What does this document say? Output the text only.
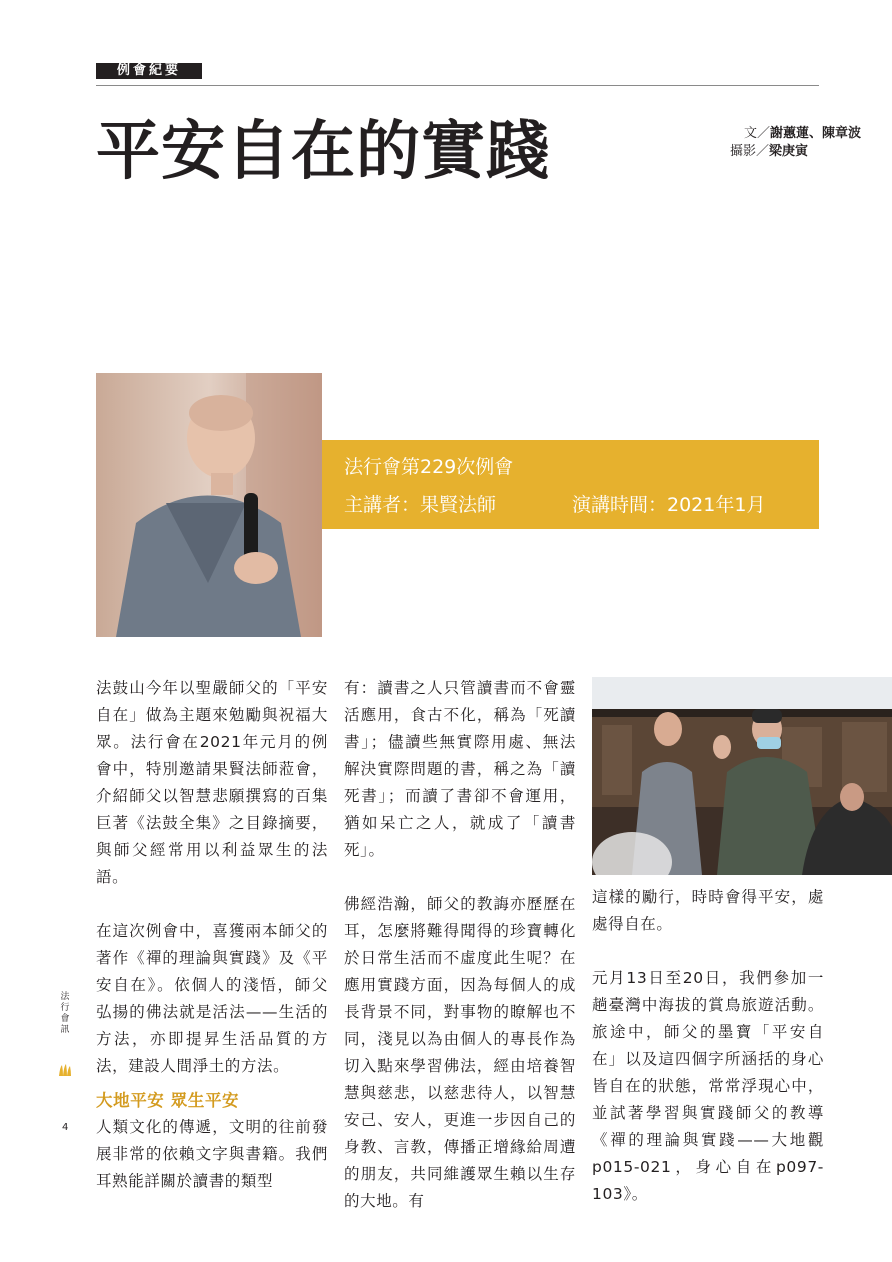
例會紀要
平安自在的實踐	文／謝蕙蓮、陳章波
攝影／梁庚寅
法行會第229次例會
主講者：果賢法師	演講時間：2021年1月

法鼓山今年以聖嚴師父的「平安自在」做為主題來勉勵與祝福大眾。法行會在2021年元月的例會中，特別邀請果賢法師蒞會，介紹師父以智慧悲願撰寫的百集巨著《法鼓全集》之目錄摘要，與師父經常用以利益眾生的法語。

在這次例會中，喜獲兩本師父的著作《禪的理論與實踐》及《平安自在》。依個人的淺悟，師父弘揚的佛法就是活法——生活的方法，亦即提昇生活品質的方法，建設人間淨土的方法。

大地平安 眾生平安

人類文化的傳遞，文明的往前發展非常的依賴文字與書籍。我們耳熟能詳關於讀書的類型

有：讀書之人只管讀書而不會靈活應用，食古不化，稱為「死讀書」；儘讀些無實際用處、無法解決實際問題的書，稱之為「讀死書」；而讀了書卻不會運用，猶如呆亡之人，就成了「讀書死」。

佛經浩瀚，師父的教誨亦歷歷在耳，怎麼將難得聞得的珍寶轉化於日常生活而不虛度此生呢？在應用實踐方面，因為每個人的成長背景不同，對事物的瞭解也不同，淺見以為由個人的專長作為切入點來學習佛法，經由培養智慧與慈悲，以慈悲待人，以智慧安己、安人，更進一步因自己的身教、言教，傳播正增緣給周遭的朋友，共同維護眾生賴以生存的大地。有

這樣的勵行，時時會得平安，處處得自在。

元月13日至20日，我們參加一趟臺灣中海拔的賞鳥旅遊活動。旅途中，師父的墨寶「平安自在」以及這四個字所涵括的身心皆自在的狀態，常常浮現心中，並試著學習與實踐師父的教導《禪的理論與實踐——大地觀p015-021，身心自在p097-103》。

法行會訊
4
